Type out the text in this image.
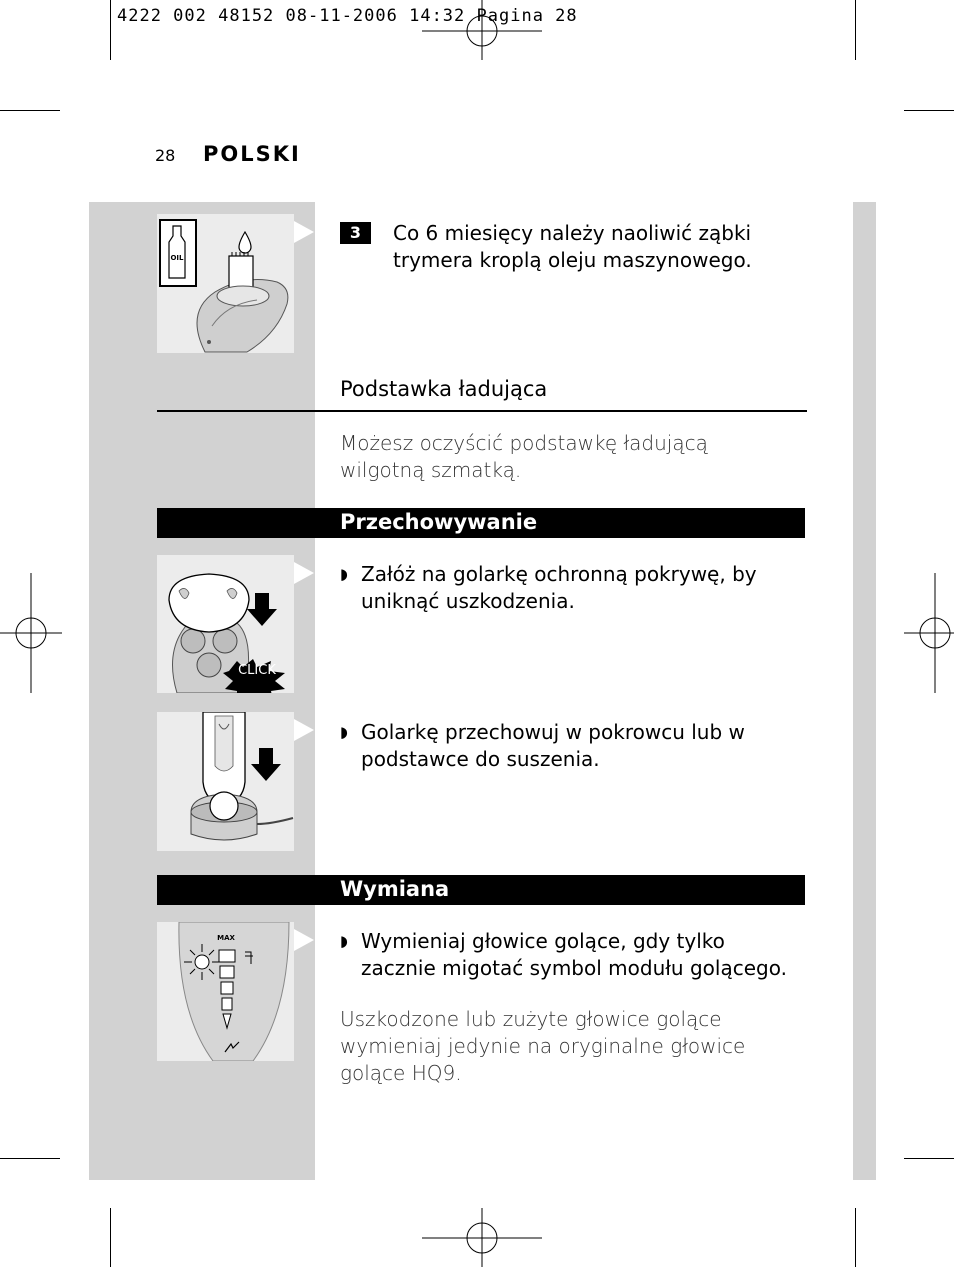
4222 002 48152 08-11-2006 14:32 Pagina 28
28 POLSKI
OIL
3	Co 6 miesięcy należy naoliwić ząbki trymera kroplą oleju maszynowego.
Podstawka ładująca
Możesz oczyścić podstawkę ładującą wilgotną szmatką.
Przechowywanie
CLICK
◗ Załóż na golarkę ochronną pokrywę, by uniknąć uszkodzenia.
◗ Golarkę przechowuj w pokrowcu lub w podstawce do suszenia.
Wymiana
MAX	◗ Wymieniaj głowice golące, gdy tylko zacznie migotać symbol modułu golącego.
Uszkodzone lub zużyte głowice golące wymieniaj jedynie na oryginalne głowice golące HQ9.
